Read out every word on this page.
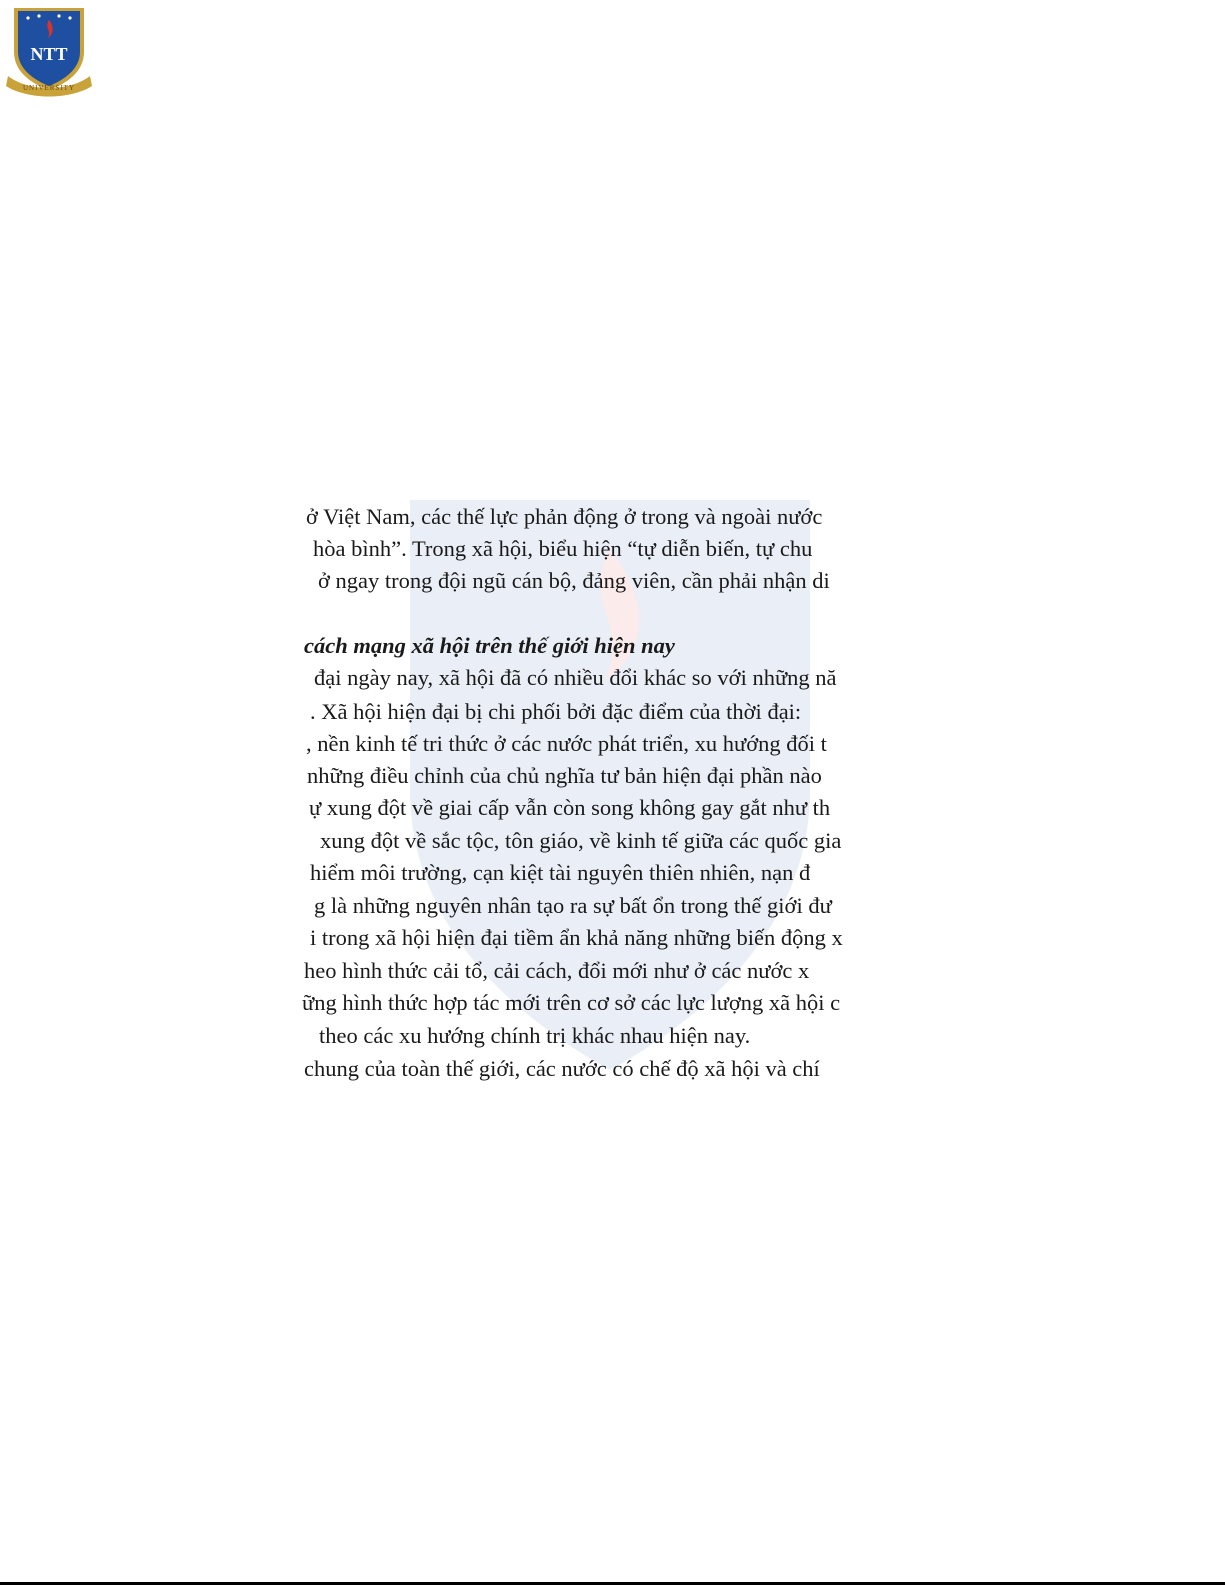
NTT
UNIVERSITY
ở Việt Nam, các thế lực phản động ở trong và ngoài nước
hòa bình”. Trong xã hội, biểu hiện “tự diễn biến, tự chu
ở ngay trong đội ngũ cán bộ, đảng viên, cần phải nhận di
cách mạng xã hội trên thế giới hiện nay
đại ngày nay, xã hội đã có nhiều đổi khác so với những nă
. Xã hội hiện đại bị chi phối bởi đặc điểm của thời đại:
, nền kinh tế tri thức ở các nước phát triển, xu hướng đối t
những điều chỉnh của chủ nghĩa tư bản hiện đại phần nào
ự xung đột về giai cấp vẫn còn song không gay gắt như th
xung đột về sắc tộc, tôn giáo, về kinh tế giữa các quốc gia
hiểm môi trường, cạn kiệt tài nguyên thiên nhiên, nạn đ
g là những nguyên nhân tạo ra sự bất ổn trong thế giới đư
i trong xã hội hiện đại tiềm ẩn khả năng những biến động x
heo hình thức cải tổ, cải cách, đổi mới như ở các nước x
ững hình thức hợp tác mới trên cơ sở các lực lượng xã hội c
theo các xu hướng chính trị khác nhau hiện nay.
chung của toàn thế giới, các nước có chế độ xã hội và chí
